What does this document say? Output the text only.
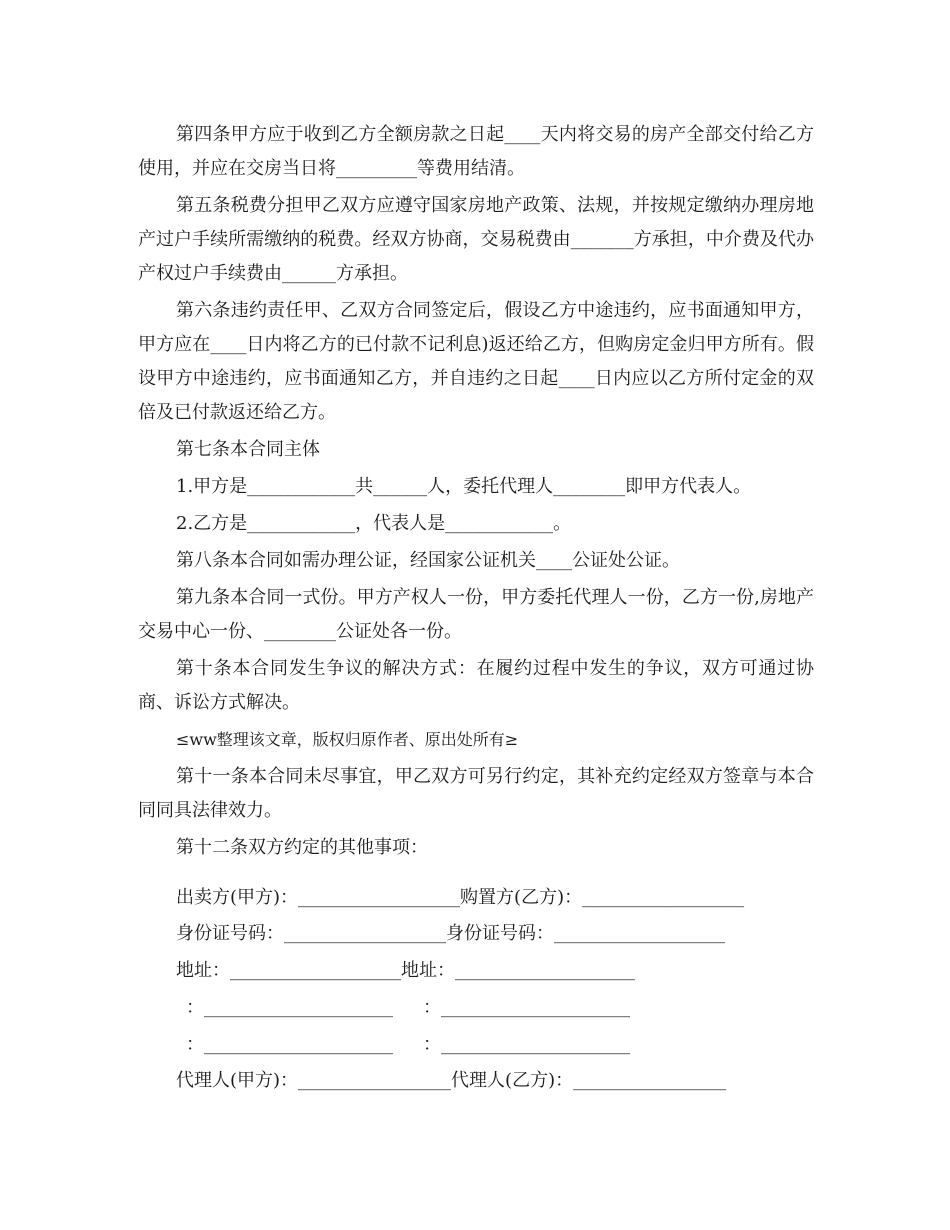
第四条甲方应于收到乙方全额房款之日起____天内将交易的房产全部交付给乙方使用，并应在交房当日将_________等费用结清。

第五条税费分担甲乙双方应遵守国家房地产政策、法规，并按规定缴纳办理房地产过户手续所需缴纳的税费。经双方协商，交易税费由_______方承担，中介费及代办产权过户手续费由______方承担。

第六条违约责任甲、乙双方合同签定后，假设乙方中途违约，应书面通知甲方，甲方应在____日内将乙方的已付款不记利息)返还给乙方，但购房定金归甲方所有。假设甲方中途违约，应书面通知乙方，并自违约之日起____日内应以乙方所付定金的双倍及已付款返还给乙方。

第七条本合同主体

1.甲方是____________共______人，委托代理人________即甲方代表人。

2.乙方是____________，代表人是____________。

第八条本合同如需办理公证，经国家公证机关____公证处公证。

第九条本合同一式份。甲方产权人一份，甲方委托代理人一份，乙方一份,房地产交易中心一份、________公证处各一份。

第十条本合同发生争议的解决方式：在履约过程中发生的争议，双方可通过协商、诉讼方式解决。

≤ww整理该文章，版权归原作者、原出处所有≥

第十一条本合同未尽事宜，甲乙双方可另行约定，其补充约定经双方签章与本合同同具法律效力。

第十二条双方约定的其他事项：

出卖方(甲方)：__________________购置方(乙方)：__________________
身份证号码：__________________身份证号码：___________________
地址：___________________地址：____________________
：_____________________ ：_____________________
：_____________________ ：_____________________
代理人(甲方)：_________________代理人(乙方)：_________________
